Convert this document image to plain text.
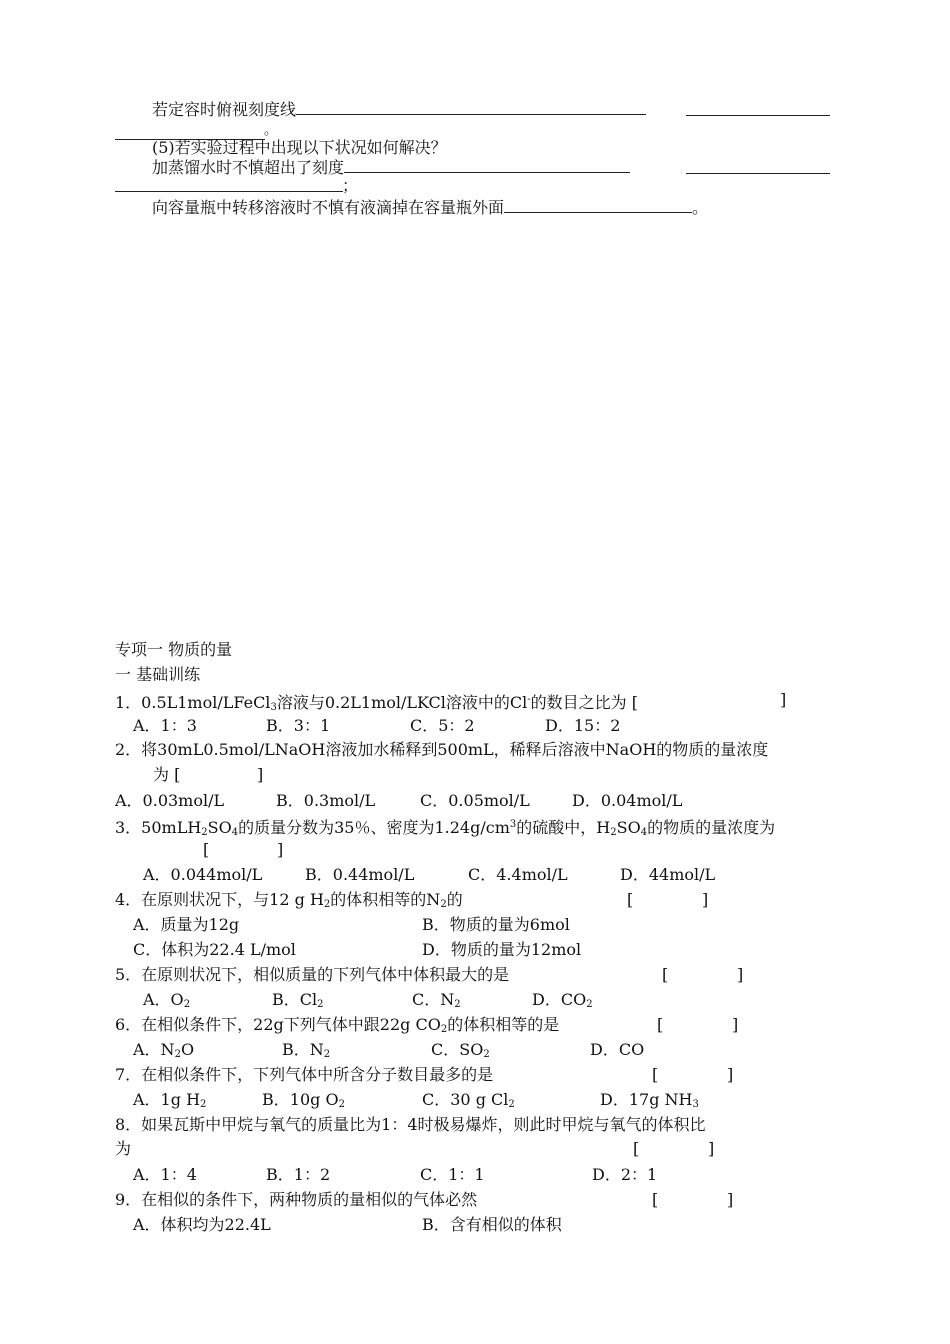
若定容时俯视刻度线
。
(5)若实验过程中出现以下状况如何解决？
加蒸馏水时不慎超出了刻度
；
向容量瓶中转移溶液时不慎有液滴掉在容量瓶外面	。
专项一 物质的量
一 基础训练
1．0.5L1mol/LFeCl$_3$溶液与0.2L1mol/LKCl溶液中的Cl-的数目之比为 [	]
A．1：3	B．3：1	C．5：2	D．15：2
2．将30mL0.5mol/LNaOH溶液加水稀释到500mL，稀释后溶液中NaOH的物质的量浓度
为 [	]
A．0.03mol/L	B．0.3mol/L	C．0.05mol/L	D．0.04mol/L
3．$50mLH_2SO_4$的质量分数为35％、密度为$1.24g/cm^3$的硫酸中，$H_2SO_4$的物质的量浓度为
[	]
A．0.044mol/L	B．0.44mol/L	C．4.4mol/L	D．44mol/L
4．在原则状况下，与12 g $H_2$的体积相等的$N_2$的	[	]
A．质量为12g	B．物质的量为6mol
C．体积为22.4 L/mol	D．物质的量为12mol
5．在原则状况下，相似质量的下列气体中体积最大的是	[	]
A．$O_2$	B．$Cl_2$	C．$N_2$	D．$CO_2$
6．在相似条件下，22g下列气体中跟22g $CO_2$的体积相等的是	[	]
A．$N_2O$	B．$N_2$	C．$SO_2$	D．CO
7．在相似条件下，下列气体中所含分子数目最多的是	[	]
A．1g $H_2$	B．10g $O_2$	C．30 g $Cl_2$	D．17g $NH_3$
8．如果瓦斯中甲烷与氧气的质量比为1：4时极易爆炸，则此时甲烷与氧气的体积比
为	[	]
A．1：4	B．1：2	C．1：1	D．2：1
9．在相似的条件下，两种物质的量相似的气体必然	[	]
A．体积均为22.4L	B．含有相似的体积
